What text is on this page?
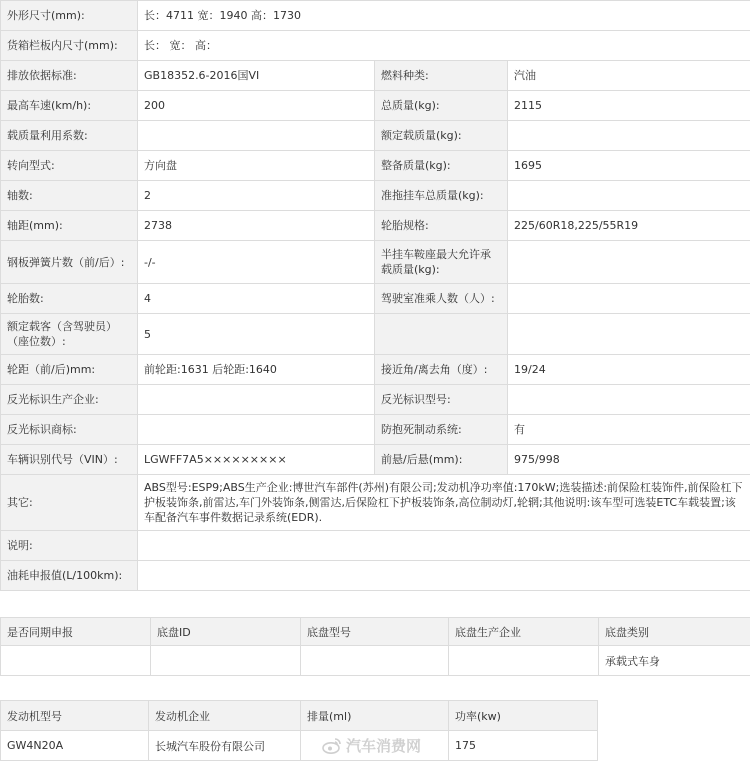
外形尺寸(mm):	长：4711 宽：1940 高：1730		
货箱栏板内尺寸(mm):	长： 宽： 高：		
排放依据标准:	GB18352.6-2016国VI	燃料种类:	汽油
最高车速(km/h):	200	总质量(kg):	2115
载质量利用系数:		额定载质量(kg):	
转向型式:	方向盘	整备质量(kg):	1695
轴数:	2	准拖挂车总质量(kg):	
轴距(mm):	2738	轮胎规格:	225/60R18,225/55R19
钢板弹簧片数（前/后）:	-/-	半挂车鞍座最大允许承载质量(kg):	
轮胎数:	4	驾驶室准乘人数（人）:	
额定载客（含驾驶员）（座位数）:	5		
轮距（前/后)mm:	前轮距:1631 后轮距:1640	接近角/离去角（度）:	19/24
反光标识生产企业:		反光标识型号:	
反光标识商标:		防抱死制动系统:	有
车辆识别代号（VIN）:	LGWFF7A5×××××××××	前悬/后悬(mm):	975/998
其它:	ABS型号:ESP9;ABS生产企业:博世汽车部件(苏州)有限公司;发动机净功率值:170kW;选装描述:前保险杠装饰件,前保险杠下护板装饰条,前雷达,车门外装饰条,侧雷达,后保险杠下护板装饰条,高位制动灯,轮辋;其他说明:该车型可选装ETC车载装置;该车配备汽车事件数据记录系统(EDR).		
说明:			
油耗申报值(L/100km):			
是否同期申报	底盘ID	底盘型号	底盘生产企业	底盘类别
				承载式车身
发动机型号	发动机企业	排量(ml)	功率(kw)
GW4N20A	长城汽车股份有限公司		175
汽车消费网
